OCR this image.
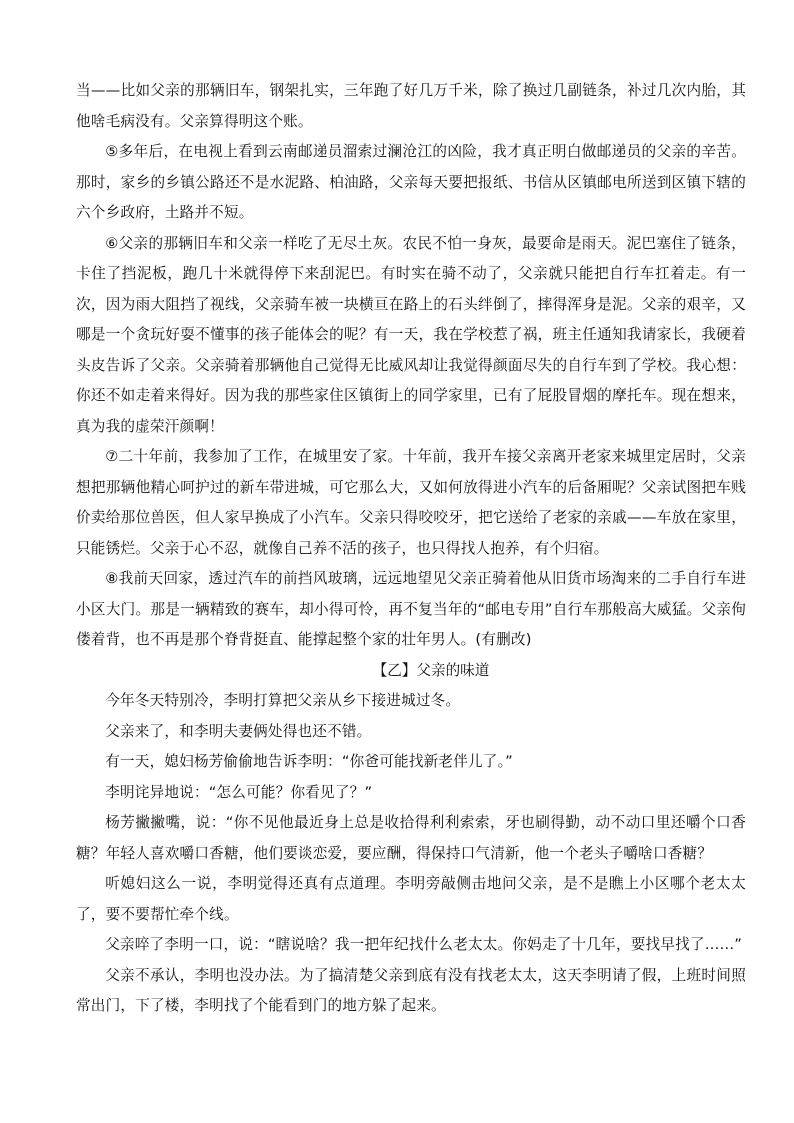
当——比如父亲的那辆旧车，钢架扎实，三年跑了好几万千米，除了换过几副链条，补过几次内胎，其他啥毛病没有。父亲算得明这个账。

⑤多年后，在电视上看到云南邮递员溜索过澜沧江的凶险，我才真正明白做邮递员的父亲的辛苦。那时，家乡的乡镇公路还不是水泥路、柏油路，父亲每天要把报纸、书信从区镇邮电所送到区镇下辖的六个乡政府，土路并不短。

⑥父亲的那辆旧车和父亲一样吃了无尽土灰。农民不怕一身灰，最要命是雨天。泥巴塞住了链条，卡住了挡泥板，跑几十米就得停下来刮泥巴。有时实在骑不动了，父亲就只能把自行车扛着走。有一次，因为雨大阻挡了视线，父亲骑车被一块横亘在路上的石头绊倒了，摔得浑身是泥。父亲的艰辛，又哪是一个贪玩好耍不懂事的孩子能体会的呢？有一天，我在学校惹了祸，班主任通知我请家长，我硬着头皮告诉了父亲。父亲骑着那辆他自己觉得无比威风却让我觉得颜面尽失的自行车到了学校。我心想：你还不如走着来得好。因为我的那些家住区镇街上的同学家里，已有了屁股冒烟的摩托车。现在想来，真为我的虚荣汗颜啊！

⑦二十年前，我参加了工作，在城里安了家。十年前，我开车接父亲离开老家来城里定居时，父亲想把那辆他精心呵护过的新车带进城，可它那么大，又如何放得进小汽车的后备厢呢？父亲试图把车贱价卖给那位兽医，但人家早换成了小汽车。父亲只得咬咬牙，把它送给了老家的亲戚——车放在家里，只能锈烂。父亲于心不忍，就像自己养不活的孩子，也只得找人抱养，有个归宿。

⑧我前天回家，透过汽车的前挡风玻璃，远远地望见父亲正骑着他从旧货市场淘来的二手自行车进小区大门。那是一辆精致的赛车，却小得可怜，再不复当年的“邮电专用”自行车那般高大威猛。父亲佝偻着背，也不再是那个脊背挺直、能撑起整个家的壮年男人。(有删改)

【乙】父亲的味道

今年冬天特别冷，李明打算把父亲从乡下接进城过冬。

父亲来了，和李明夫妻俩处得也还不错。

有一天，媳妇杨芳偷偷地告诉李明：“你爸可能找新老伴儿了。”

李明诧异地说：“怎么可能？你看见了？”

杨芳撇撇嘴，说：“你不见他最近身上总是收拾得利利索索，牙也刷得勤，动不动口里还嚼个口香糖？年轻人喜欢嚼口香糖，他们要谈恋爱，要应酬，得保持口气清新，他一个老头子嚼啥口香糖？

听媳妇这么一说，李明觉得还真有点道理。李明旁敲侧击地问父亲，是不是瞧上小区哪个老太太了，要不要帮忙牵个线。

父亲啐了李明一口，说：“瞎说啥？我一把年纪找什么老太太。你妈走了十几年，要找早找了……”

父亲不承认，李明也没办法。为了搞清楚父亲到底有没有找老太太，这天李明请了假，上班时间照常出门，下了楼，李明找了个能看到门的地方躲了起来。
